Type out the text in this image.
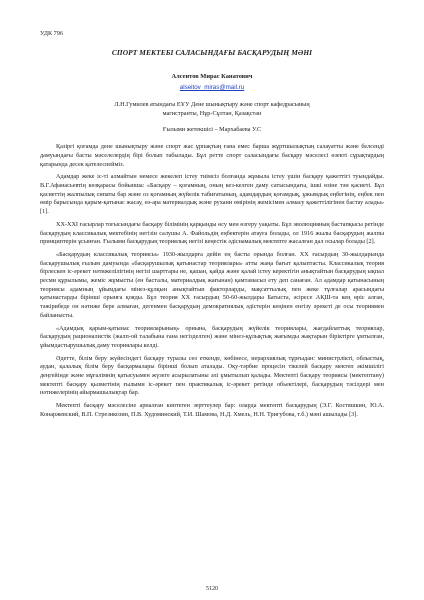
УДК 796
СПОРТ МЕКТЕБІ САЛАСЫНДАҒЫ БАСҚАРУДЫҢ МӘНІ
Алсеитов Мирас Канатович
alseitov_miras@mail.ru
Л.Н.Гумилев атындағы ЕҰУ Дене шынықтыру және спорт кафедрасының
магистранты, Нұр-Сұлтан, Қазақстан
Ғылыми жетекшісі – Мархабаева У.С

Қазіргі қоғамда дене шынықтыру және спорт жас ұрпақтың ғана емес барша жұртшылықтың салауатты және белсенді дамуындағы басты мәселелердің бірі болып табылады. Бұл ретте спорт саласындағы басқару мәселесі өзекті сұрақтардың қатарында десек қателеспейміз.

Адамдар жеке іс-ті алмайтын немесе жекелеп істеу тиімсіз болғанда жұмыла істеу үшін басқару қажеттігі туындайды. В.Г.Афанасьевтің көзқарасы бойынша: «Басқару – қоғамның, оның кез-келген даму сатысындағы, ішкі өзіне тән қасиеті. Бұл қасиеттің жалпылық сипаты бар және оз қоғамның жүйелік табиғатының, адамдардың қоғамдық, ұжымдық еңбегінің, еңбек пен өмір барысында қарым-қатынас жасау, өз-ара материалдық және рухани өмірінің жемісімен алмасу қажеттілігінен бастау алады» [1].

XX-XXI ғасырлар тоғысындағы басқару білімінің қарқынды өсу мен өзгеру уақыты. Бұл эволюцияның бастапқысы ретінде басқарудың классикалық мектебінің негізін салушы А. Файольдің еңбектерін атауға болады, ол 1916 жылы басқарудың жалпы принциптерін ұсынған. Ғылыми басқарудың теориялық негізі кеңестік әдіснамалық мектепте жасалған дал осылар болады [2].

«Басқарудың классикалық теориясы» 1930-жылдарға дейін ең басты орында болған. XX ғасырдың 30-жылдарында басқарушылық ғылым дамуында «басқарушылық қатынастар теориялары» атты жаңа бағыт қалыптасты. Классикалық теория бірлескен іс-әрекет нәтижелілігінің негізі шарттары не, қашан, қайда және қалай істеу керектігін анықтайтын басқарудың ықпал ресми құрылымы, жеміс жұмысты (ен басталы, материалдық жағынан) қамтамасыз ету деп санаған. Ал адамдар қатынасының теориясы адамның ұйымдағы мінез-құлқын анықтайтын факторларды, мақсаттылық пен жеке тұлғалар арасындағы қатынастарды бірінші орынға қояды. Бұл теория XX ғасырдың 50-60-жылдары Батыста, әсіресе АҚШ-та кең өріс алған, тәжірибеде он нәтиже берe алмаған, дегенмен басқарудың демократиялық әдістерін кеңінен енгізу әрекеті де осы теориямен байланысты.

«Адамдық қарым-қатынас теорияларының» орнына, басқарудың жүйелік теориялары, жағдайлаттық теориялар, басқарудың рационалистік (жалп-ой талабына ғана негізделген) және мінез-құлықтық жағымды жақтарын біріктірге ұмтылған, ұйымдастырушылық даму теориялары келді.

Әдетте, білім беру жүйесіндегі басқару туралы сөз еткенде, көбінесе, иерархиялық тұрғыдан: министрлікті, облыстық, аудан, қалалық білім беру басқармалары бірінші болып аталады. Оқу-тәрбие процесін тікелей басқару мектеп әкімшілігі деңгейінде және мұғалімнің қатысуымен жүзеге асырылатыны әлі ұмытылып қалады. Мектепті басқару теориясы (мектептану) мектепті басқару қызметінің ғылыми іс-әрекет пен практикалық іс-әрекет ретінде обьектілері, басқарудың тәсілдері мен нәтижелерінің айырмашылықтар бар.

Мектепті басқару мәселесіне арналған көптеген зерттеулер бар: оларда мектепті басқарудың (Э.Г. Костяшкин, Ю.А. Конаржевский, В.П. Стрезикозин, П.В. Худоминский, Т.И. Шамова, Н.Д. Хмель, Н.Н. Тригубова, т.б.) мәні ашылады [3].

5120
